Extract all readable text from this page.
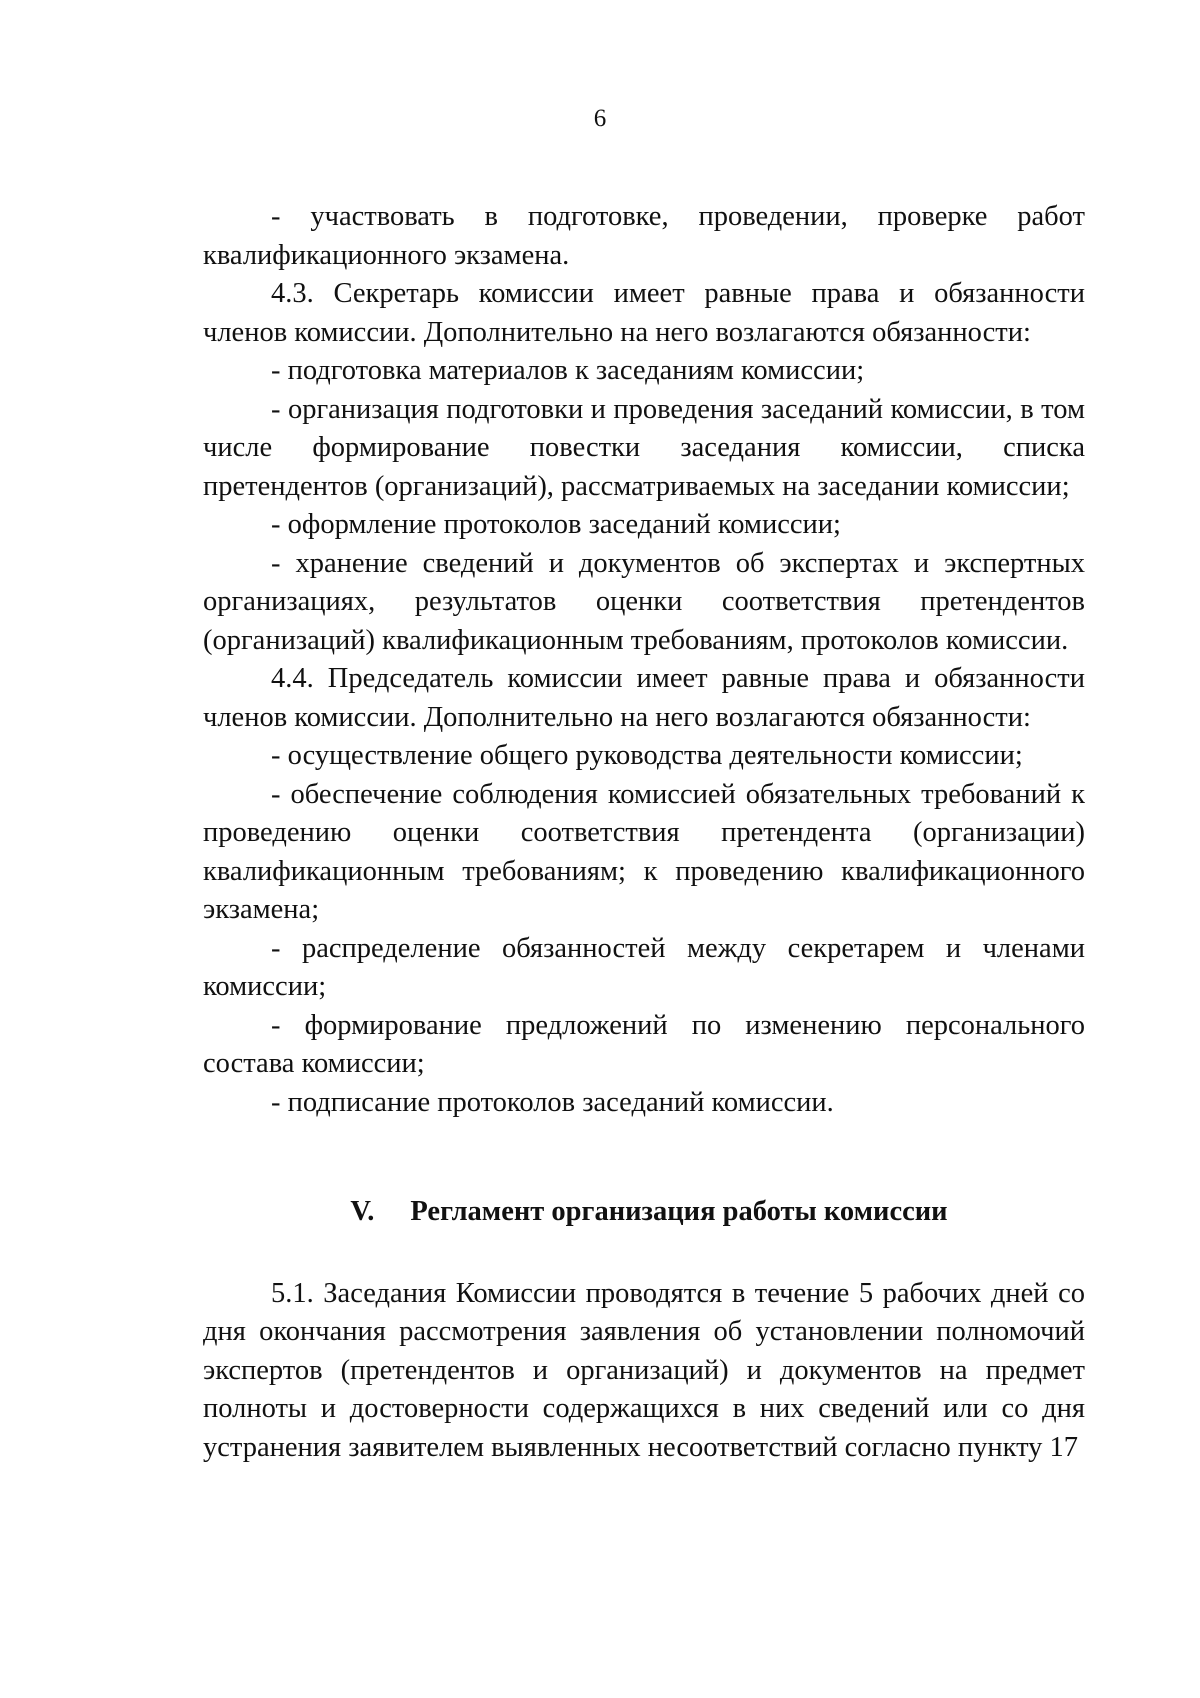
6

- участвовать в подготовке, проведении, проверке работ квалификационного экзамена.

4.3. Секретарь комиссии имеет равные права и обязанности членов комиссии. Дополнительно на него возлагаются обязанности:

- подготовка материалов к заседаниям комиссии;

- организация подготовки и проведения заседаний комиссии, в том числе формирование повестки заседания комиссии, списка претендентов (организаций), рассматриваемых на заседании комиссии;

- оформление протоколов заседаний комиссии;

- хранение сведений и документов об экспертах и экспертных организациях, результатов оценки соответствия претендентов (организаций) квалификационным требованиям, протоколов комиссии.

4.4. Председатель комиссии имеет равные права и обязанности членов комиссии. Дополнительно на него возлагаются обязанности:

- осуществление общего руководства деятельности комиссии;

- обеспечение соблюдения комиссией обязательных требований к проведению оценки соответствия претендента (организации) квалификационным требованиям; к проведению квалификационного экзамена;

- распределение обязанностей между секретарем и членами комиссии;

- формирование предложений по изменению персонального состава комиссии;

- подписание протоколов заседаний комиссии.

V. Регламент организация работы комиссии

5.1. Заседания Комиссии проводятся в течение 5 рабочих дней со дня окончания рассмотрения заявления об установлении полномочий экспертов (претендентов и организаций) и документов на предмет полноты и достоверности содержащихся в них сведений или со дня устранения заявителем выявленных несоответствий согласно пункту 17
